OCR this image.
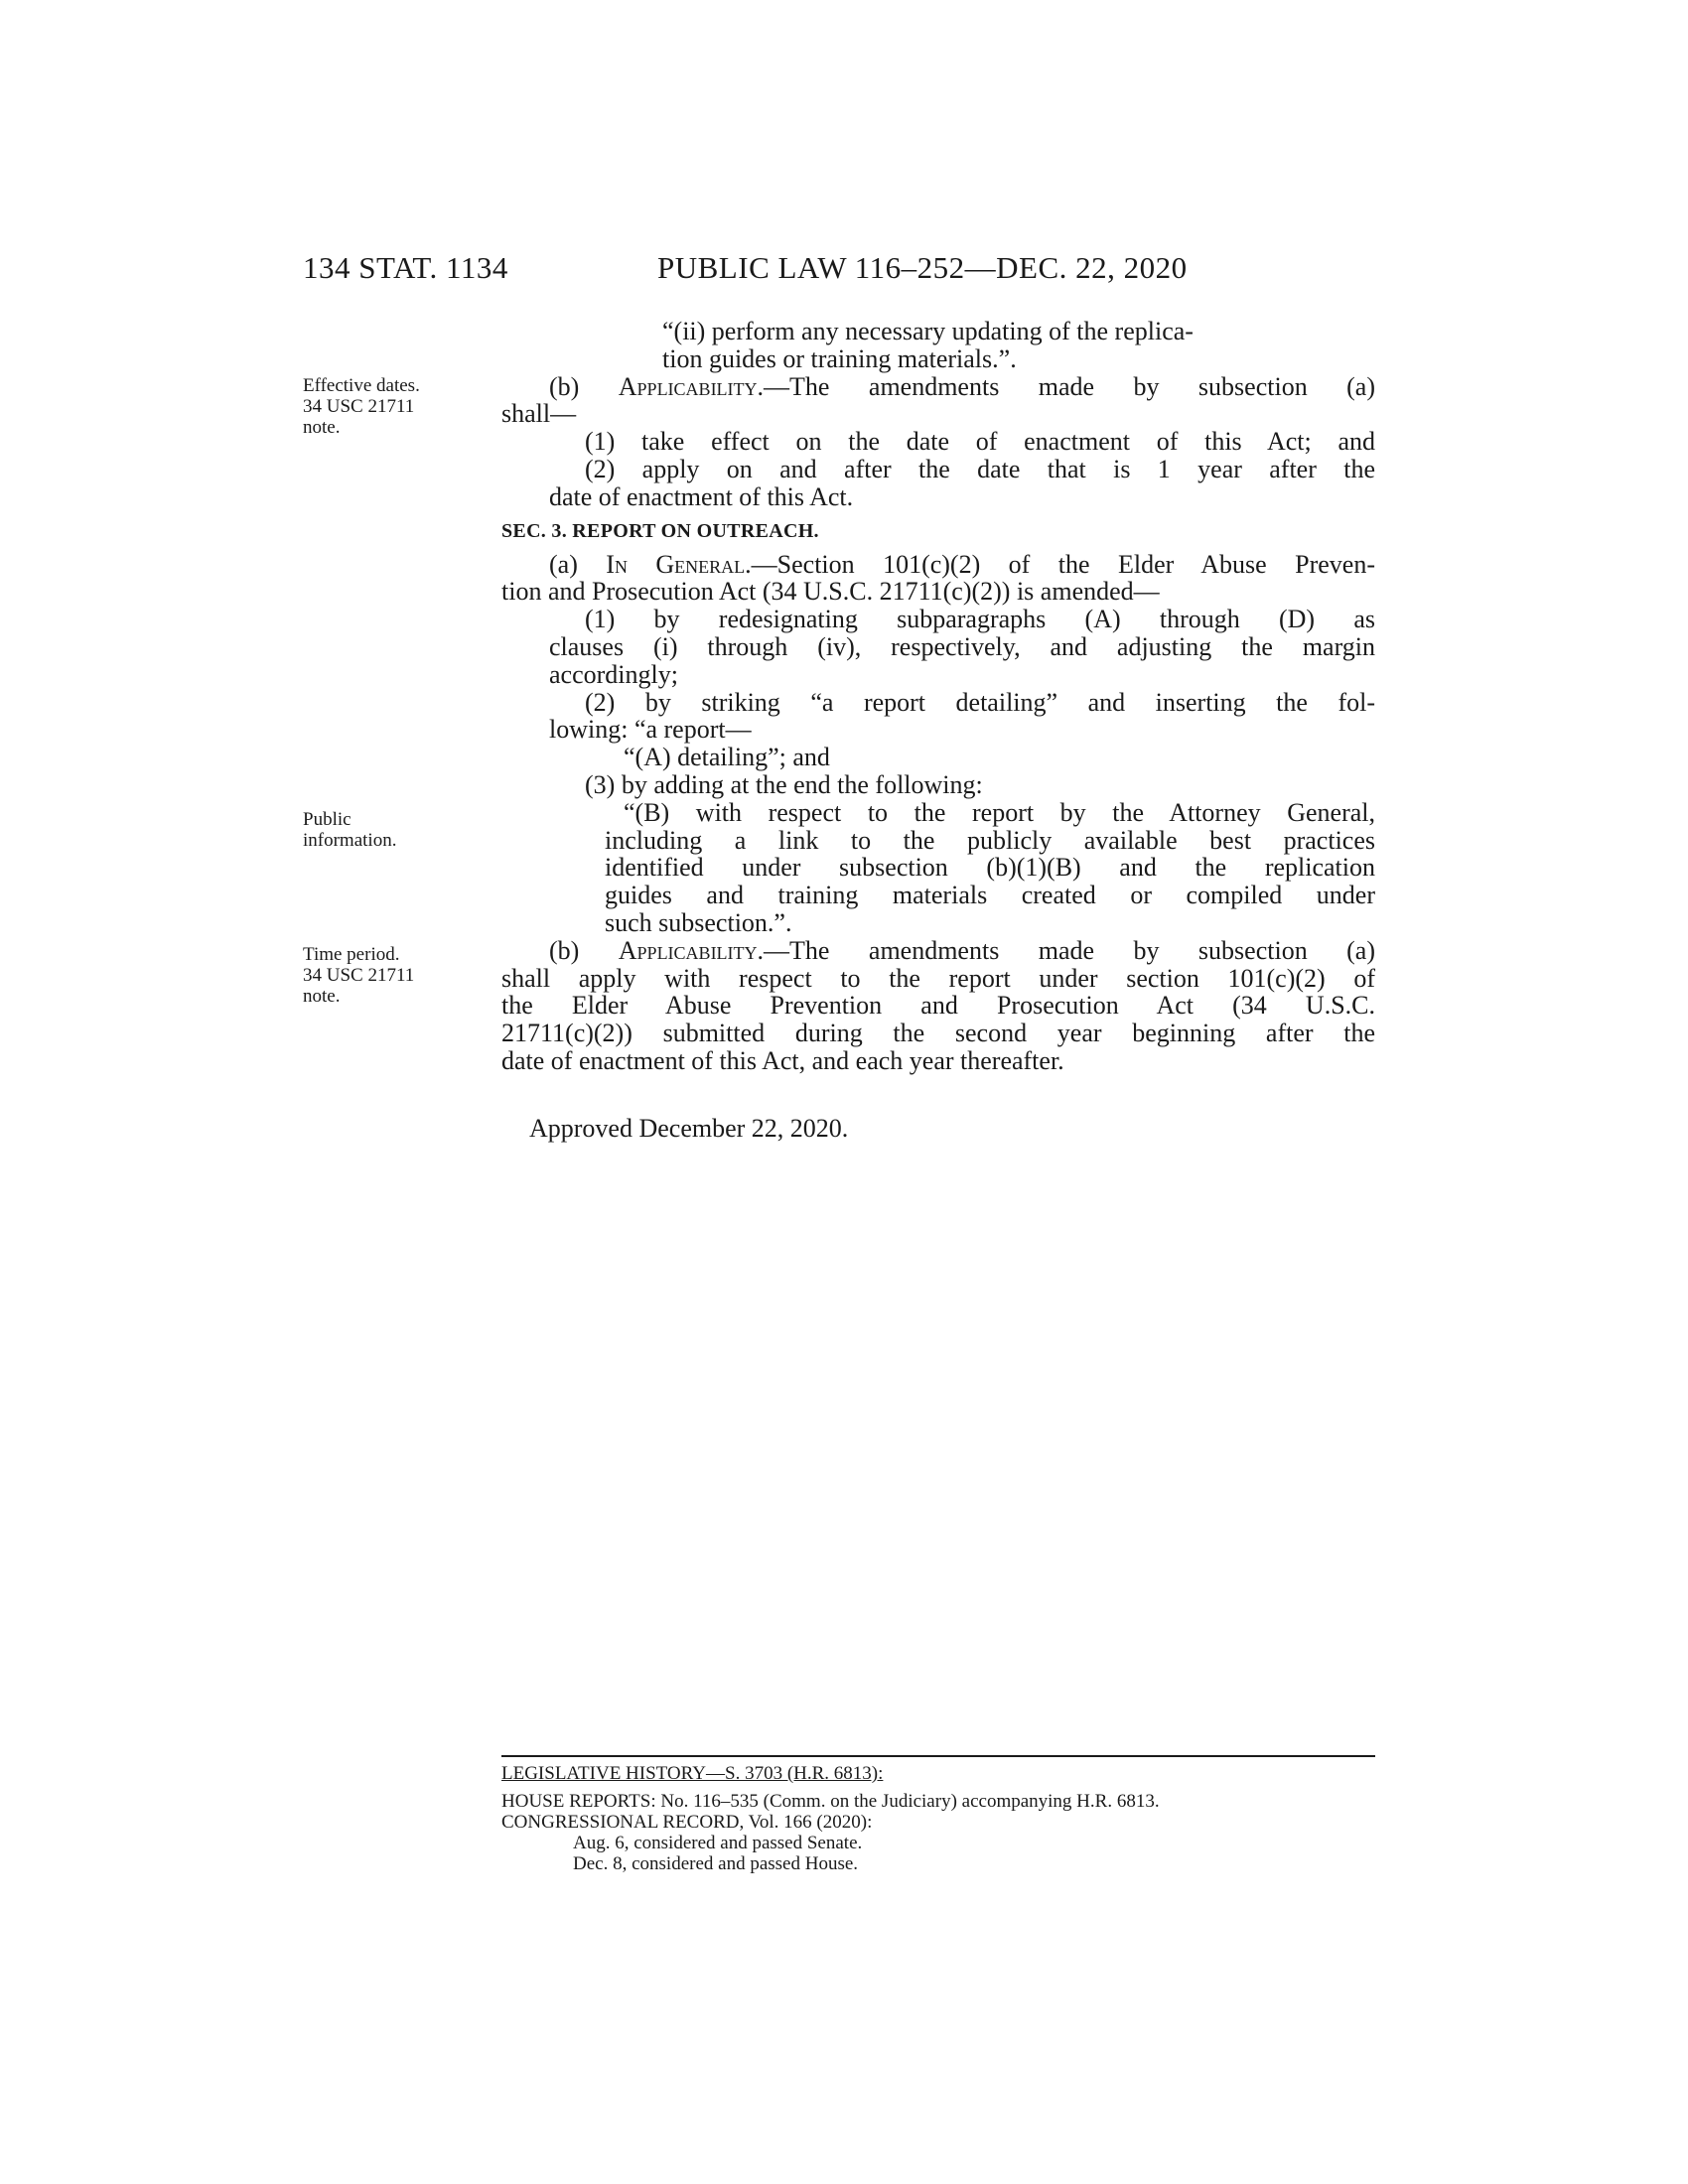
134 STAT. 1134	PUBLIC LAW 116–252—DEC. 22, 2020
Effective dates.
34 USC 21711
note.
Public
information.
Time period.
34 USC 21711
note.
“(ii) perform any necessary updating of the replica-
tion guides or training materials.”.
(b) Applicability.—The amendments made by subsection (a)
shall—
(1) take effect on the date of enactment of this Act; and
(2) apply on and after the date that is 1 year after the
date of enactment of this Act.
SEC. 3. REPORT ON OUTREACH.
(a) In General.—Section 101(c)(2) of the Elder Abuse Preven-
tion and Prosecution Act (34 U.S.C. 21711(c)(2)) is amended—
(1) by redesignating subparagraphs (A) through (D) as
clauses (i) through (iv), respectively, and adjusting the margin
accordingly;
(2) by striking “a report detailing” and inserting the fol-
lowing: “a report—
“(A) detailing”; and
(3) by adding at the end the following:
“(B) with respect to the report by the Attorney General,
including a link to the publicly available best practices
identified under subsection (b)(1)(B) and the replication
guides and training materials created or compiled under
such subsection.”.
(b) Applicability.—The amendments made by subsection (a)
shall apply with respect to the report under section 101(c)(2) of
the Elder Abuse Prevention and Prosecution Act (34 U.S.C.
21711(c)(2)) submitted during the second year beginning after the
date of enactment of this Act, and each year thereafter.
Approved December 22, 2020.
LEGISLATIVE HISTORY—S. 3703 (H.R. 6813):
HOUSE REPORTS: No. 116–535 (Comm. on the Judiciary) accompanying H.R. 6813.
CONGRESSIONAL RECORD, Vol. 166 (2020):
Aug. 6, considered and passed Senate.
Dec. 8, considered and passed House.
